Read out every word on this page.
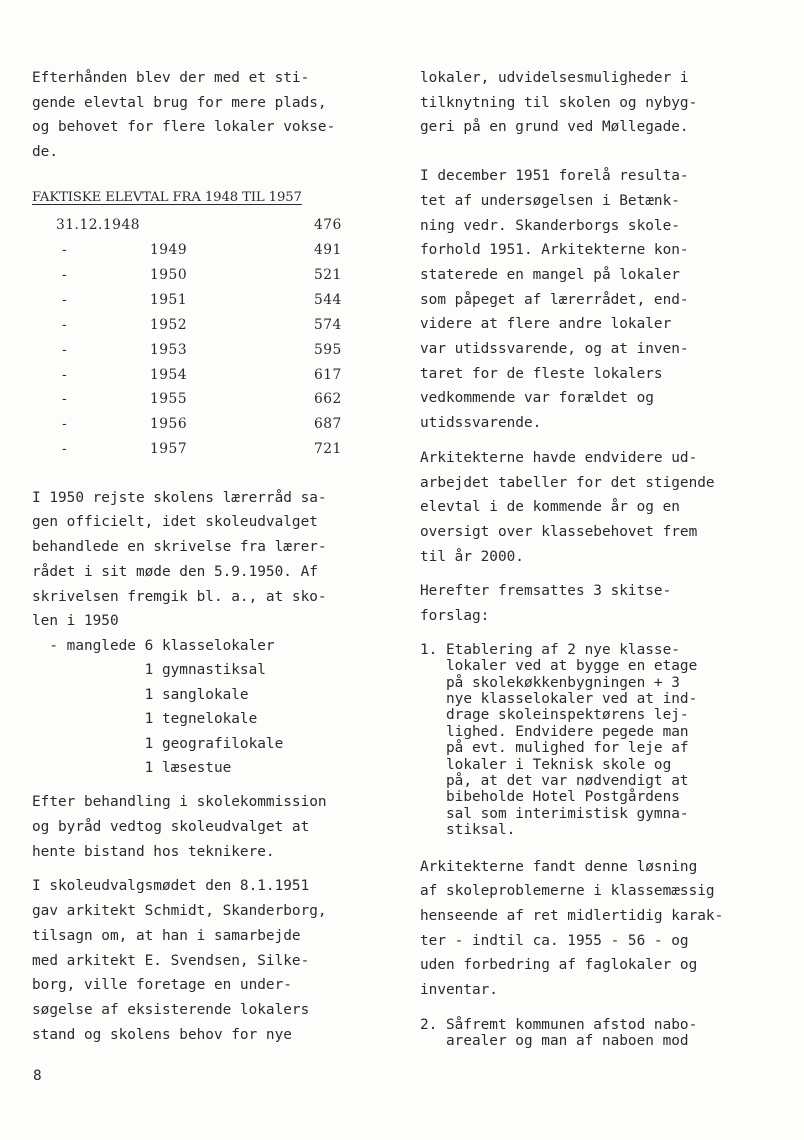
Efterhånden blev der med et sti-

gende elevtal brug for mere plads,

og behovet for flere lokaler vokse-

de.

FAKTISKE ELEVTAL FRA 1948 TIL 1957
31.12.1948		476
-	1949	491
-	1950	521
-	1951	544
-	1952	574
-	1953	595
-	1954	617
-	1955	662
-	1956	687
-	1957	721

I 1950 rejste skolens lærerråd sa-

gen officielt, idet skoleudvalget

behandlede en skrivelse fra lærer-

rådet i sit møde den 5.9.1950. Af

skrivelsen fremgik bl. a., at sko-

len i 1950

- manglede 6 klasselokaler

1 gymnastiksal

1 sanglokale

1 tegnelokale

1 geografilokale

1 læsestue

Efter behandling i skolekommission

og byråd vedtog skoleudvalget at

hente bistand hos teknikere.

I skoleudvalgsmødet den 8.1.1951

gav arkitekt Schmidt, Skanderborg,

tilsagn om, at han i samarbejde

med arkitekt E. Svendsen, Silke-

borg, ville foretage en under-

søgelse af eksisterende lokalers

stand og skolens behov for nye

lokaler, udvidelsesmuligheder i

tilknytning til skolen og nybyg-

geri på en grund ved Møllegade.

I december 1951 forelå resulta-

tet af undersøgelsen i Betænk-

ning vedr. Skanderborgs skole-

forhold 1951. Arkitekterne kon-

staterede en mangel på lokaler

som påpeget af lærerrådet, end-

videre at flere andre lokaler

var utidssvarende, og at inven-

taret for de fleste lokalers

vedkommende var forældet og

utidssvarende.

Arkitekterne havde endvidere ud-

arbejdet tabeller for det stigende

elevtal i de kommende år og en

oversigt over klassebehovet frem

til år 2000.

Herefter fremsattes 3 skitse-

forslag:

1. Etablering af 2 nye klasse-

lokaler ved at bygge en etage

på skolekøkkenbygningen + 3

nye klasselokaler ved at ind-

drage skoleinspektørens lej-

lighed. Endvidere pegede man

på evt. mulighed for leje af

lokaler i Teknisk skole og

på, at det var nødvendigt at

bibeholde Hotel Postgårdens

sal som interimistisk gymna-

stiksal.

Arkitekterne fandt denne løsning

af skoleproblemerne i klassemæssig

henseende af ret midlertidig karak-

ter - indtil ca. 1955 - 56 - og

uden forbedring af faglokaler og

inventar.

2. Såfremt kommunen afstod nabo-

arealer og man af naboen mod

8
